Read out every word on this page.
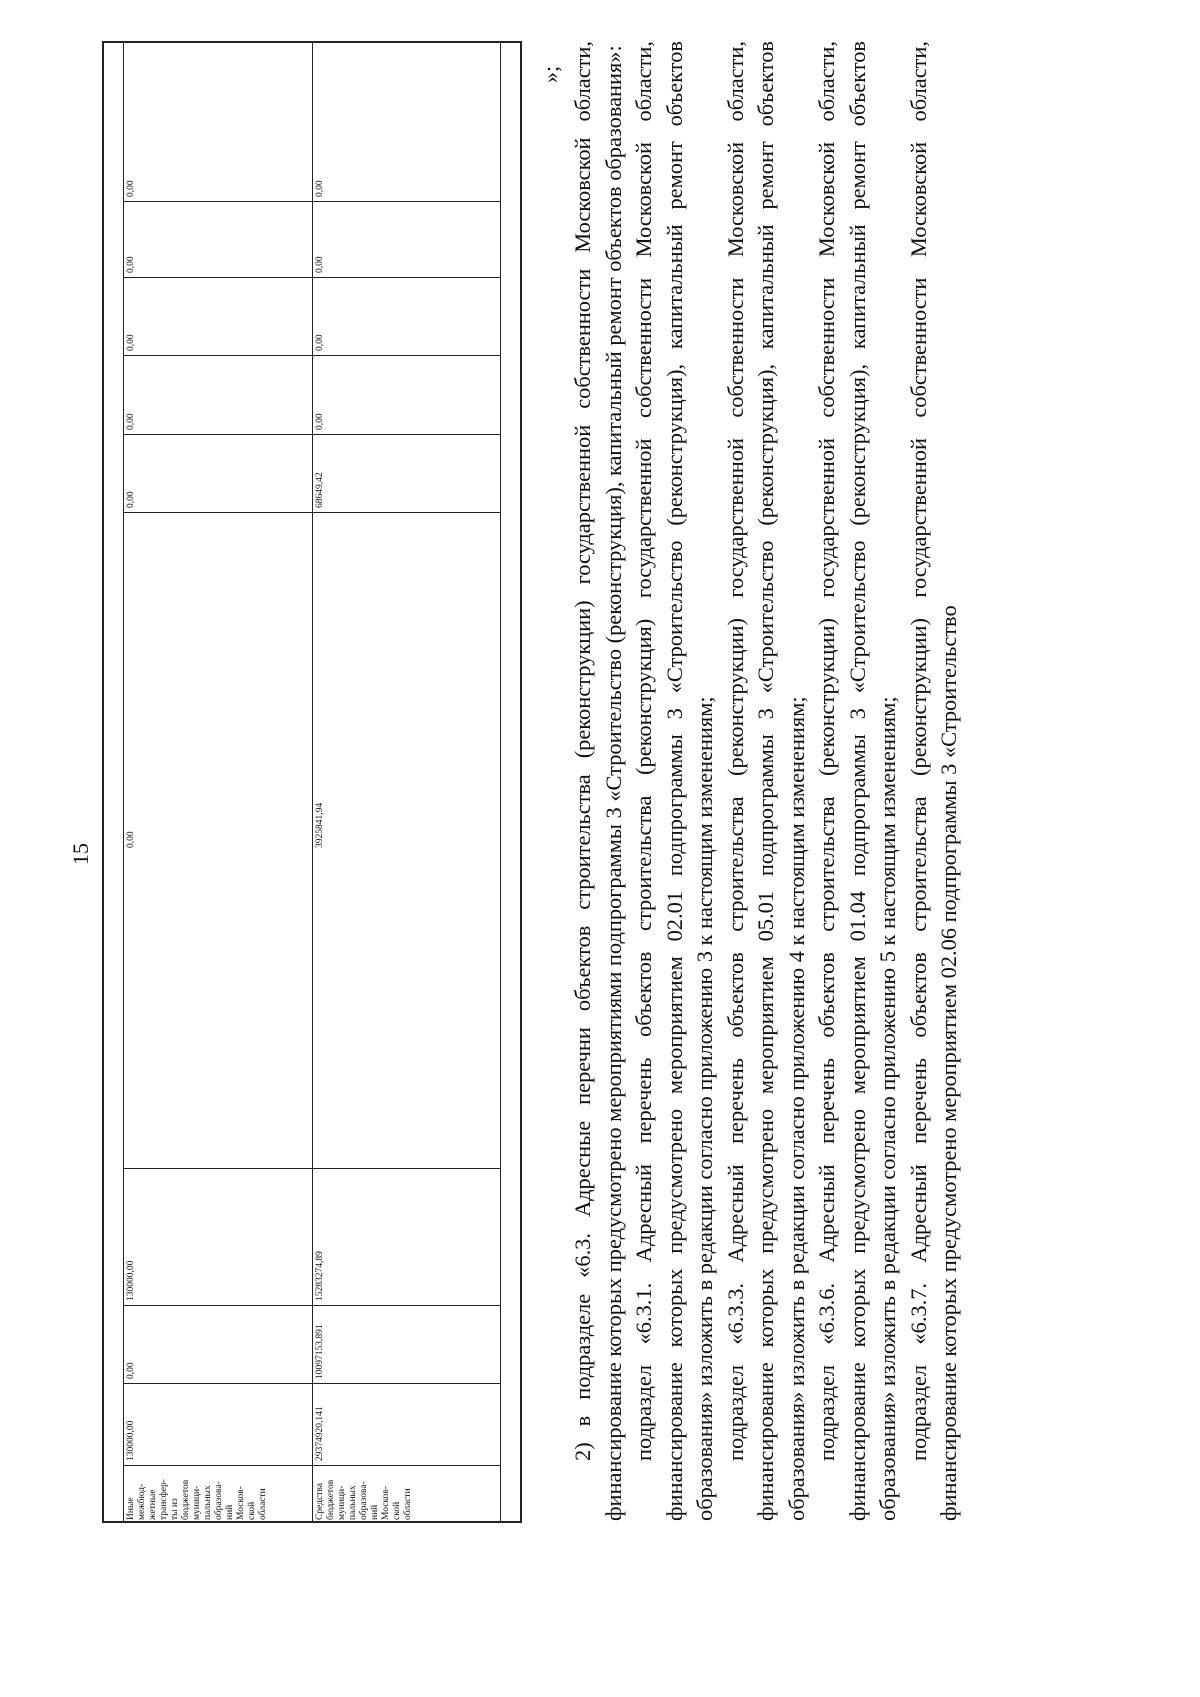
15
Иные
межбюд-
жетные
трансфер-
ты из
бюджетов
муници-
пальных
образова-
ний
Москов-
ской
области
130000,00
0,00
130000,00
0,00
0,00
0,00
0,00
0,00
0,00
Средства
бюджетов
муници-
пальных
образова-
ний
Москов-
ской
области
29374920,141
10097153,891
15283274,89
3925841,94
68649,42
0,00
0,00
0,00
0,00
»; 2) в подразделе «6.3. Адресные перечни объектов строительства (реконструкции) государственной собственности Московской области, финансирование которых предусмотрено мероприятиями подпрограммы 3 «Строительство (реконструкция), капитальный ремонт объектов образования»: подраздел «6.3.1. Адресный перечень объектов строительства (реконструкция) государственной собственности Московской области, финансирование которых предусмотрено мероприятием 02.01 подпрограммы 3 «Строительство (реконструкция), капитальный ремонт объектов образования» изложить в редакции согласно приложению 3 к настоящим изменениям; подраздел «6.3.3. Адресный перечень объектов строительства (реконструкции) государственной собственности Московской области, финансирование которых предусмотрено мероприятием 05.01 подпрограммы 3 «Строительство (реконструкция), капитальный ремонт объектов образования» изложить в редакции согласно приложению 4 к настоящим изменениям; подраздел «6.3.6. Адресный перечень объектов строительства (реконструкции) государственной собственности Московской области, финансирование которых предусмотрено мероприятием 01.04 подпрограммы 3 «Строительство (реконструкция), капитальный ремонт объектов образования» изложить в редакции согласно приложению 5 к настоящим изменениям; подраздел «6.3.7. Адресный перечень объектов строительства (реконструкции) государственной собственности Московской области, финансирование которых предусмотрено мероприятием 02.06 подпрограммы 3 «Строительство
